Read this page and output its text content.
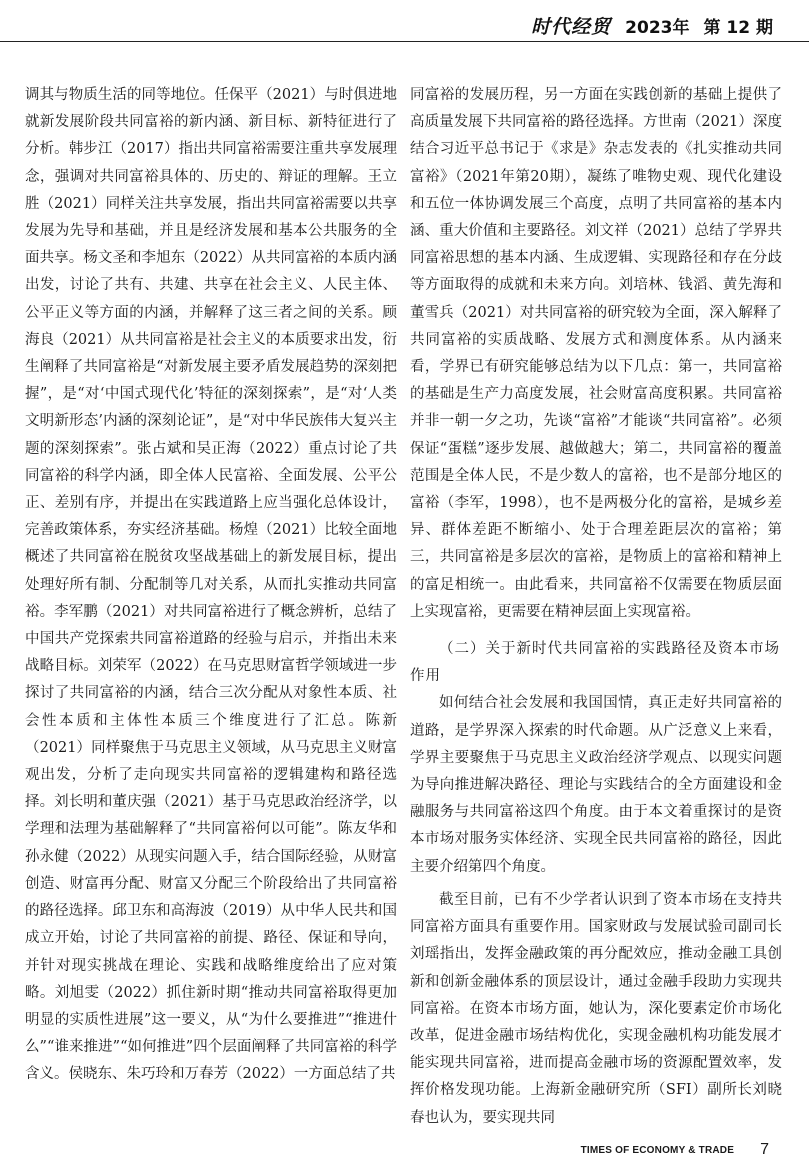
时代经贸 2023年 第 12 期

调其与物质生活的同等地位。任保平（2021）与时俱进地就新发展阶段共同富裕的新内涵、新目标、新特征进行了分析。韩步江（2017）指出共同富裕需要注重共享发展理念，强调对共同富裕具体的、历史的、辩证的理解。王立胜（2021）同样关注共享发展，指出共同富裕需要以共享发展为先导和基础，并且是经济发展和基本公共服务的全面共享。杨文圣和李旭东（2022）从共同富裕的本质内涵出发，讨论了共有、共建、共享在社会主义、人民主体、公平正义等方面的内涵，并解释了这三者之间的关系。顾海良（2021）从共同富裕是社会主义的本质要求出发，衍生阐释了共同富裕是“对新发展主要矛盾发展趋势的深刻把握”，是“对‘中国式现代化’特征的深刻探索”，是“对‘人类文明新形态’内涵的深刻论证”，是“对中华民族伟大复兴主题的深刻探索”。张占斌和吴正海（2022）重点讨论了共同富裕的科学内涵，即全体人民富裕、全面发展、公平公正、差别有序，并提出在实践道路上应当强化总体设计，完善政策体系，夯实经济基础。杨煌（2021）比较全面地概述了共同富裕在脱贫攻坚战基础上的新发展目标，提出处理好所有制、分配制等几对关系，从而扎实推动共同富裕。李军鹏（2021）对共同富裕进行了概念辨析，总结了中国共产党探索共同富裕道路的经验与启示，并指出未来战略目标。刘荣军（2022）在马克思财富哲学领域进一步探讨了共同富裕的内涵，结合三次分配从对象性本质、社会性本质和主体性本质三个维度进行了汇总。陈新（2021）同样聚焦于马克思主义领域，从马克思主义财富观出发，分析了走向现实共同富裕的逻辑建构和路径选择。刘长明和董庆强（2021）基于马克思政治经济学，以学理和法理为基础解释了“共同富裕何以可能”。陈友华和孙永健（2022）从现实问题入手，结合国际经验，从财富创造、财富再分配、财富又分配三个阶段给出了共同富裕的路径选择。邱卫东和高海波（2019）从中华人民共和国成立开始，讨论了共同富裕的前提、路径、保证和导向，并针对现实挑战在理论、实践和战略维度给出了应对策略。刘旭雯（2022）抓住新时期“推动共同富裕取得更加明显的实质性进展”这一要义，从“为什么要推进”“推进什么”“谁来推进”“如何推进”四个层面阐释了共同富裕的科学含义。侯晓东、朱巧玲和万春芳（2022）一方面总结了共

同富裕的发展历程，另一方面在实践创新的基础上提供了高质量发展下共同富裕的路径选择。方世南（2021）深度结合习近平总书记于《求是》杂志发表的《扎实推动共同富裕》（2021年第20期），凝练了唯物史观、现代化建设和五位一体协调发展三个高度，点明了共同富裕的基本内涵、重大价值和主要路径。刘文祥（2021）总结了学界共同富裕思想的基本内涵、生成逻辑、实现路径和存在分歧等方面取得的成就和未来方向。刘培林、钱滔、黄先海和董雪兵（2021）对共同富裕的研究较为全面，深入解释了共同富裕的实质战略、发展方式和测度体系。从内涵来看，学界已有研究能够总结为以下几点：第一，共同富裕的基础是生产力高度发展，社会财富高度积累。共同富裕并非一朝一夕之功，先谈“富裕”才能谈“共同富裕”。必须保证“蛋糕”逐步发展、越做越大；第二，共同富裕的覆盖范围是全体人民，不是少数人的富裕，也不是部分地区的富裕（李军，1998），也不是两极分化的富裕，是城乡差异、群体差距不断缩小、处于合理差距层次的富裕；第三，共同富裕是多层次的富裕，是物质上的富裕和精神上的富足相统一。由此看来，共同富裕不仅需要在物质层面上实现富裕，更需要在精神层面上实现富裕。

（二）关于新时代共同富裕的实践路径及资本市场作用

如何结合社会发展和我国国情，真正走好共同富裕的道路，是学界深入探索的时代命题。从广泛意义上来看，学界主要聚焦于马克思主义政治经济学观点、以现实问题为导向推进解决路径、理论与实践结合的全方面建设和金融服务与共同富裕这四个角度。由于本文着重探讨的是资本市场对服务实体经济、实现全民共同富裕的路径，因此主要介绍第四个角度。

截至目前，已有不少学者认识到了资本市场在支持共同富裕方面具有重要作用。国家财政与发展试验司副司长刘瑶指出，发挥金融政策的再分配效应，推动金融工具创新和创新金融体系的顶层设计，通过金融手段助力实现共同富裕。在资本市场方面，她认为，深化要素定价市场化改革，促进金融市场结构优化，实现金融机构功能发展才能实现共同富裕，进而提高金融市场的资源配置效率，发挥价格发现功能。上海新金融研究所（SFI）副所长刘晓春也认为，要实现共同

TIMES OF ECONOMY & TRADE 7
